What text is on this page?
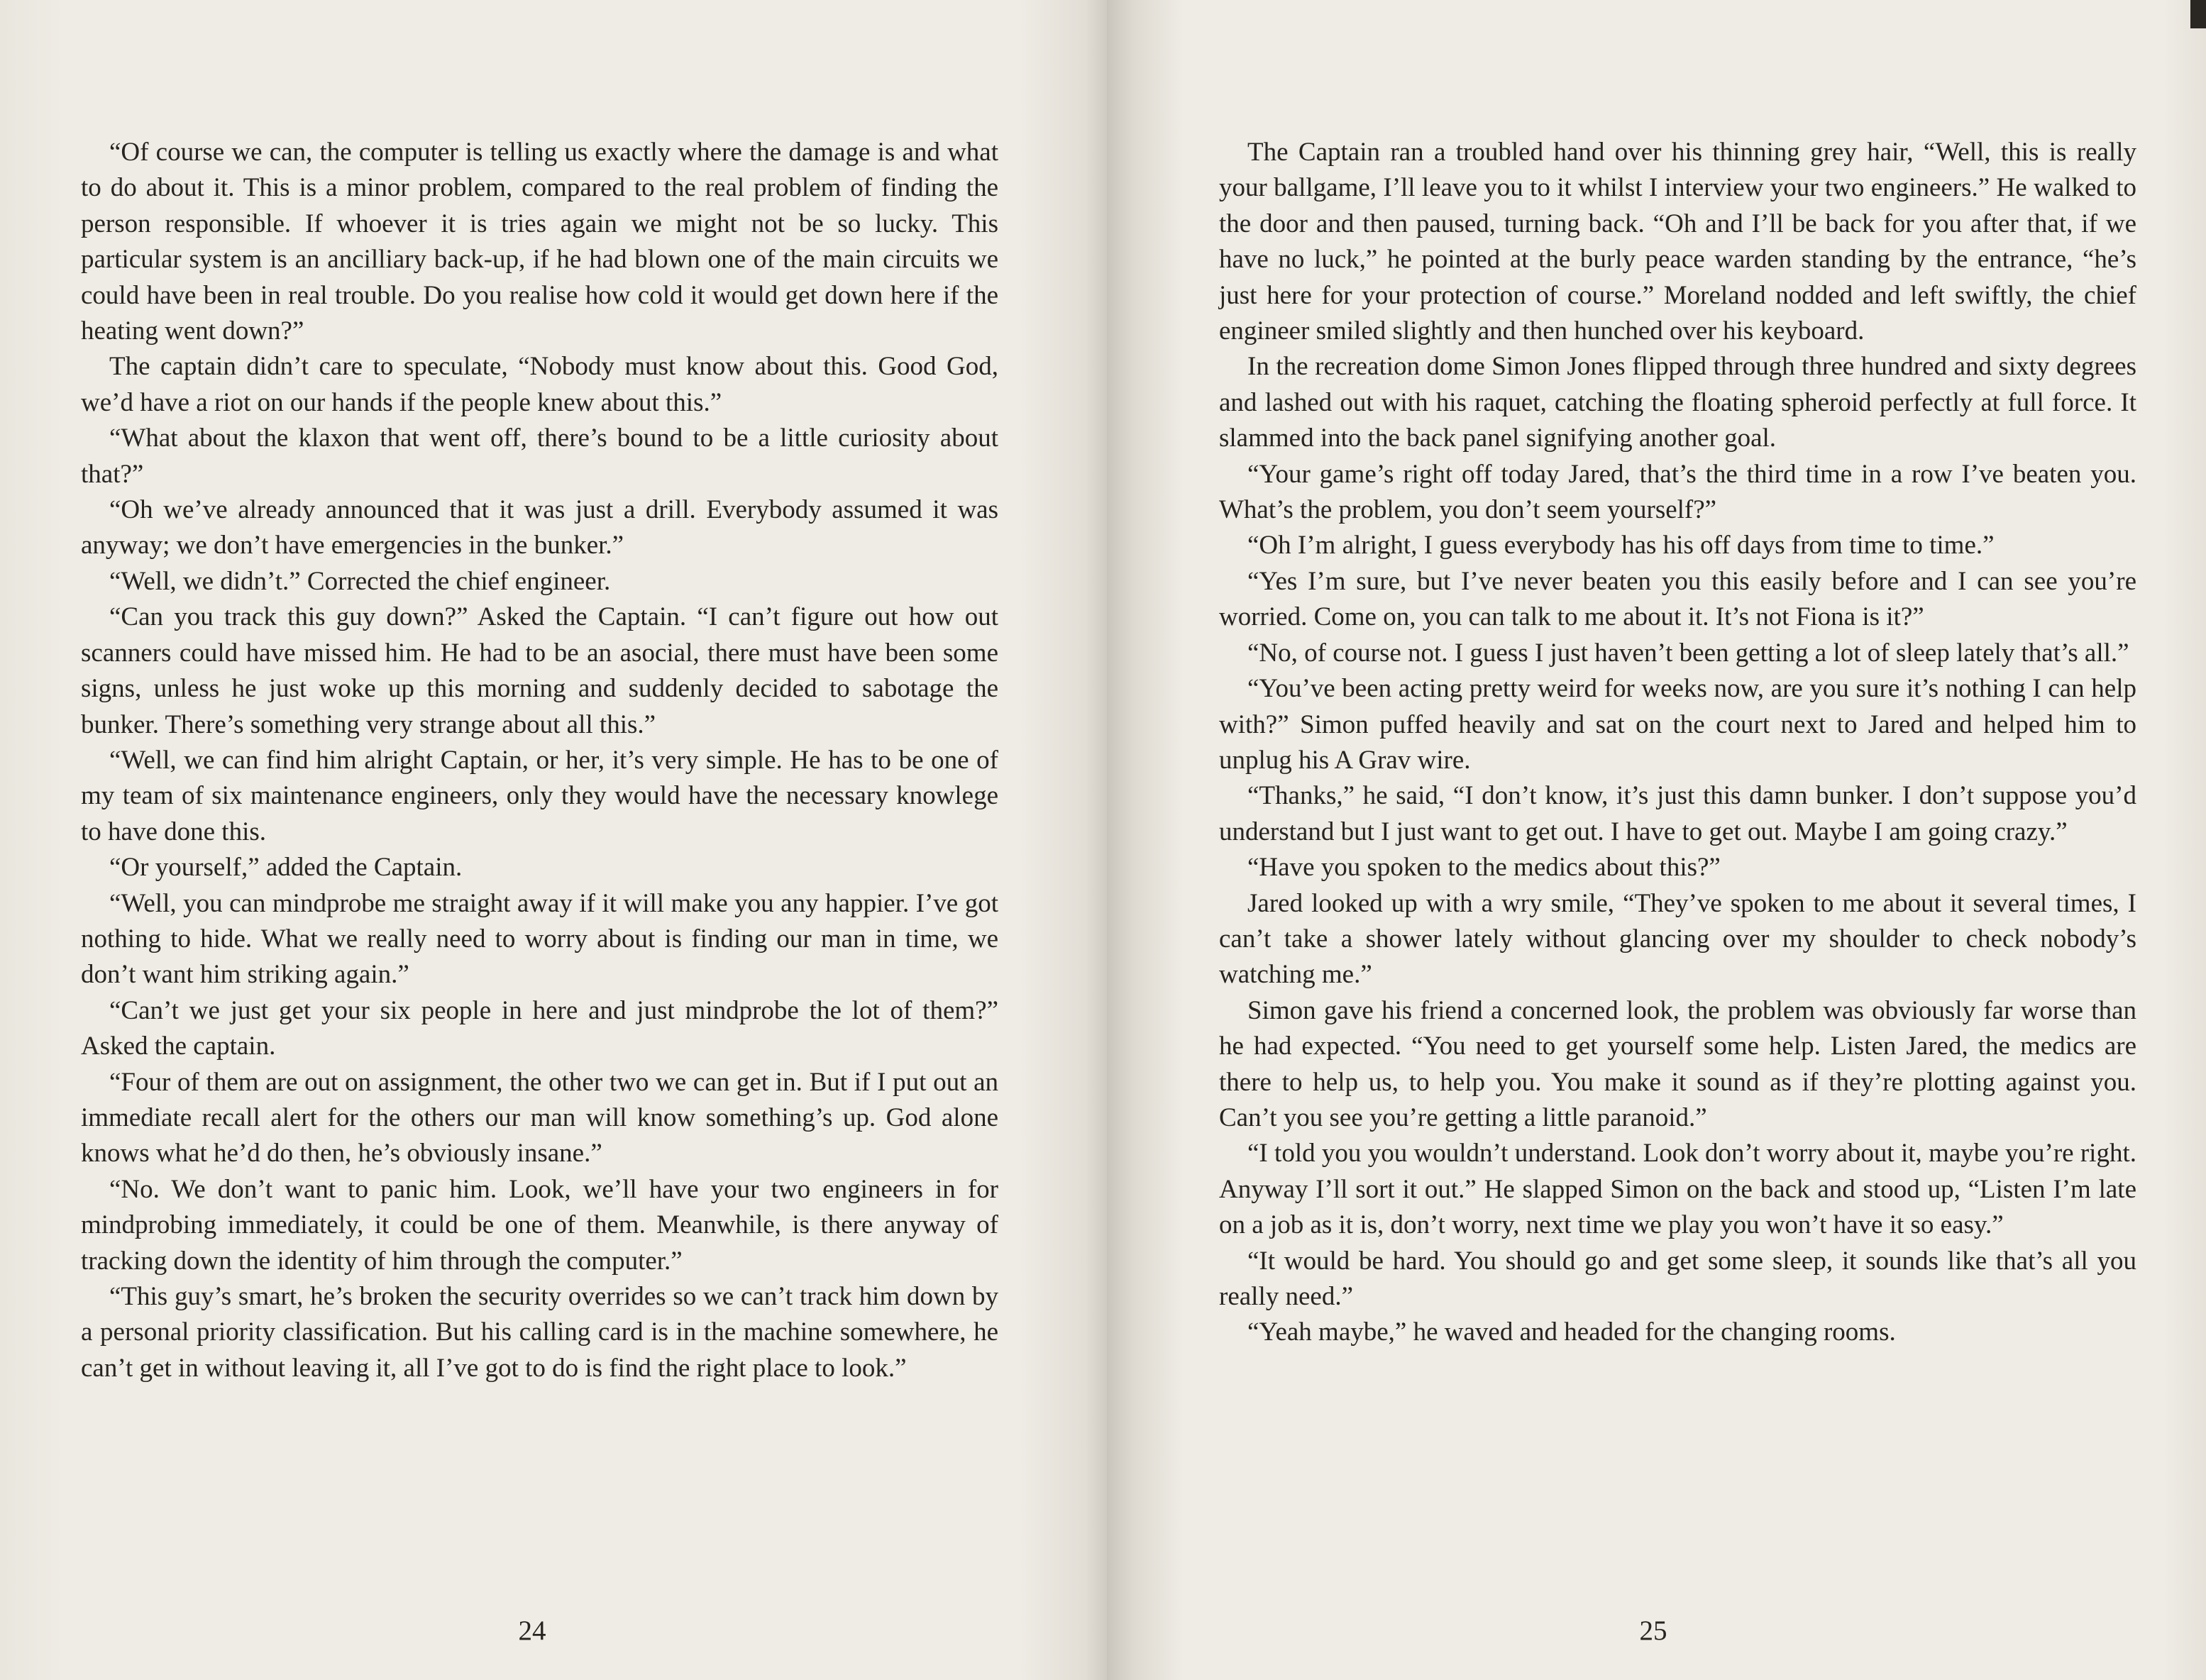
“Of course we can, the computer is telling us exactly where the damage is and what to do about it. This is a minor problem, compared to the real problem of finding the person responsible. If whoever it is tries again we might not be so lucky. This particular system is an ancilliary back-up, if he had blown one of the main circuits we could have been in real trouble. Do you realise how cold it would get down here if the heating went down?”

The captain didn’t care to speculate, “Nobody must know about this. Good God, we’d have a riot on our hands if the people knew about this.”

“What about the klaxon that went off, there’s bound to be a little curiosity about that?”

“Oh we’ve already announced that it was just a drill. Everybody assumed it was anyway; we don’t have emergencies in the bunker.”

“Well, we didn’t.” Corrected the chief engineer.

“Can you track this guy down?” Asked the Captain. “I can’t figure out how out scanners could have missed him. He had to be an asocial, there must have been some signs, unless he just woke up this morning and suddenly decided to sabotage the bunker. There’s something very strange about all this.”

“Well, we can find him alright Captain, or her, it’s very simple. He has to be one of my team of six maintenance engineers, only they would have the necessary knowlege to have done this.

“Or yourself,” added the Captain.

“Well, you can mindprobe me straight away if it will make you any happier. I’ve got nothing to hide. What we really need to worry about is finding our man in time, we don’t want him striking again.”

“Can’t we just get your six people in here and just mindprobe the lot of them?” Asked the captain.

“Four of them are out on assignment, the other two we can get in. But if I put out an immediate recall alert for the others our man will know something’s up. God alone knows what he’d do then, he’s obviously insane.”

“No. We don’t want to panic him. Look, we’ll have your two engineers in for mindprobing immediately, it could be one of them. Meanwhile, is there anyway of tracking down the identity of him through the computer.”

“This guy’s smart, he’s broken the security overrides so we can’t track him down by a personal priority classification. But his calling card is in the machine somewhere, he can’t get in without leaving it, all I’ve got to do is find the right place to look.”

24

The Captain ran a troubled hand over his thinning grey hair, “Well, this is really your ballgame, I’ll leave you to it whilst I interview your two engineers.” He walked to the door and then paused, turning back. “Oh and I’ll be back for you after that, if we have no luck,” he pointed at the burly peace warden standing by the entrance, “he’s just here for your protection of course.” Moreland nodded and left swiftly, the chief engineer smiled slightly and then hunched over his keyboard.

In the recreation dome Simon Jones flipped through three hundred and sixty degrees and lashed out with his raquet, catching the floating spheroid perfectly at full force. It slammed into the back panel signifying another goal.

“Your game’s right off today Jared, that’s the third time in a row I’ve beaten you. What’s the problem, you don’t seem yourself?”

“Oh I’m alright, I guess everybody has his off days from time to time.”

“Yes I’m sure, but I’ve never beaten you this easily before and I can see you’re worried. Come on, you can talk to me about it. It’s not Fiona is it?”

“No, of course not. I guess I just haven’t been getting a lot of sleep lately that’s all.”

“You’ve been acting pretty weird for weeks now, are you sure it’s nothing I can help with?” Simon puffed heavily and sat on the court next to Jared and helped him to unplug his A Grav wire.

“Thanks,” he said, “I don’t know, it’s just this damn bunker. I don’t suppose you’d understand but I just want to get out. I have to get out. Maybe I am going crazy.”

“Have you spoken to the medics about this?”

Jared looked up with a wry smile, “They’ve spoken to me about it several times, I can’t take a shower lately without glancing over my shoulder to check nobody’s watching me.”

Simon gave his friend a concerned look, the problem was obviously far worse than he had expected. “You need to get yourself some help. Listen Jared, the medics are there to help us, to help you. You make it sound as if they’re plotting against you. Can’t you see you’re getting a little paranoid.”

“I told you you wouldn’t understand. Look don’t worry about it, maybe you’re right. Anyway I’ll sort it out.” He slapped Simon on the back and stood up, “Listen I’m late on a job as it is, don’t worry, next time we play you won’t have it so easy.”

“It would be hard. You should go and get some sleep, it sounds like that’s all you really need.”

“Yeah maybe,” he waved and headed for the changing rooms.

25
